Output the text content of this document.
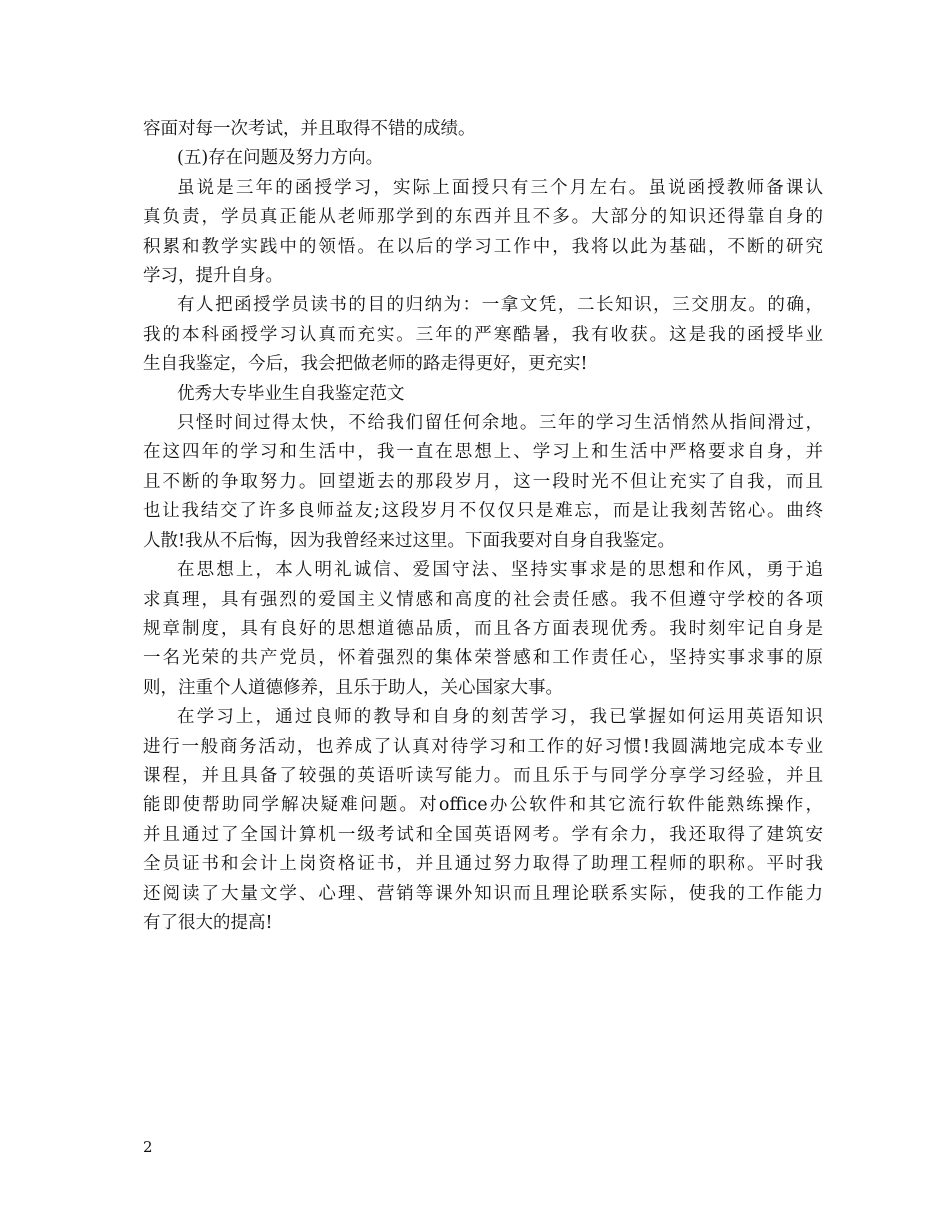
容面对每一次考试，并且取得不错的成绩。
(五)存在问题及努力方向。
虽说是三年的函授学习，实际上面授只有三个月左右。虽说函授教师备课认
真负责，学员真正能从老师那学到的东西并且不多。大部分的知识还得靠自身的
积累和教学实践中的领悟。在以后的学习工作中，我将以此为基础，不断的研究
学习，提升自身。
有人把函授学员读书的目的归纳为：一拿文凭，二长知识，三交朋友。的确，
我的本科函授学习认真而充实。三年的严寒酷暑，我有收获。这是我的函授毕业
生自我鉴定，今后，我会把做老师的路走得更好，更充实!
优秀大专毕业生自我鉴定范文
只怪时间过得太快，不给我们留任何余地。三年的学习生活悄然从指间滑过，
在这四年的学习和生活中，我一直在思想上、学习上和生活中严格要求自身，并
且不断的争取努力。回望逝去的那段岁月，这一段时光不但让充实了自我，而且
也让我结交了许多良师益友;这段岁月不仅仅只是难忘，而是让我刻苦铭心。曲终
人散!我从不后悔，因为我曾经来过这里。下面我要对自身自我鉴定。
在思想上，本人明礼诚信、爱国守法、坚持实事求是的思想和作风，勇于追
求真理，具有强烈的爱国主义情感和高度的社会责任感。我不但遵守学校的各项
规章制度，具有良好的思想道德品质，而且各方面表现优秀。我时刻牢记自身是
一名光荣的共产党员，怀着强烈的集体荣誉感和工作责任心，坚持实事求事的原
则，注重个人道德修养，且乐于助人，关心国家大事。
在学习上，通过良师的教导和自身的刻苦学习，我已掌握如何运用英语知识
进行一般商务活动，也养成了认真对待学习和工作的好习惯!我圆满地完成本专业
课程，并且具备了较强的英语听读写能力。而且乐于与同学分享学习经验，并且
能即使帮助同学解决疑难问题。对office办公软件和其它流行软件能熟练操作，
并且通过了全国计算机一级考试和全国英语网考。学有余力，我还取得了建筑安
全员证书和会计上岗资格证书，并且通过努力取得了助理工程师的职称。平时我
还阅读了大量文学、心理、营销等课外知识而且理论联系实际，使我的工作能力
有了很大的提高!
2
